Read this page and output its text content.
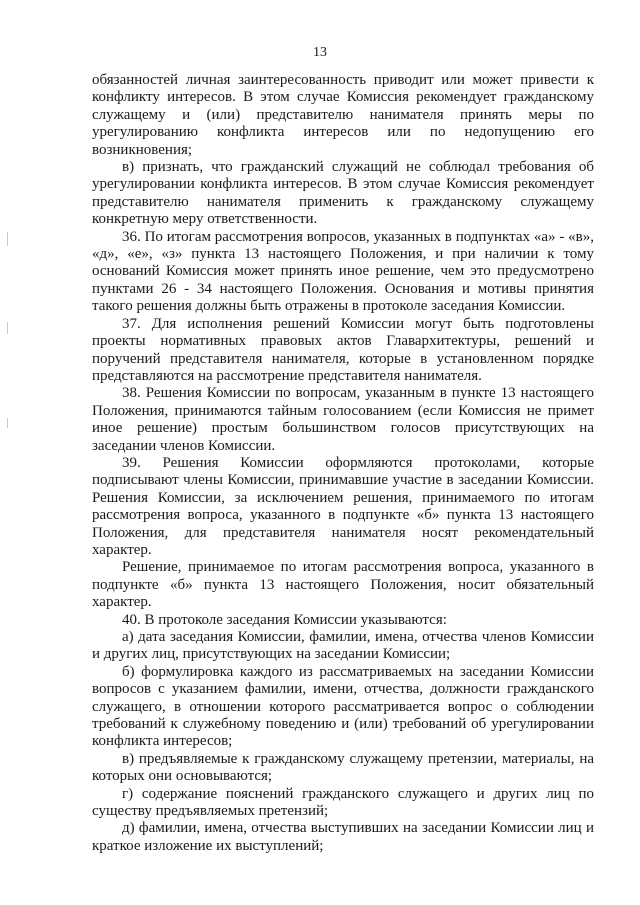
13

обязанностей личная заинтересованность приводит или может привести к конфликту интересов. В этом случае Комиссия рекомендует гражданскому служащему и (или) представителю нанимателя принять меры по урегулированию конфликта интересов или по недопущению его возникновения;

в) признать, что гражданский служащий не соблюдал требования об урегулировании конфликта интересов. В этом случае Комиссия рекомендует представителю нанимателя применить к гражданскому служащему конкретную меру ответственности.

36. По итогам рассмотрения вопросов, указанных в подпунктах «а» - «в», «д», «е», «з» пункта 13 настоящего Положения, и при наличии к тому оснований Комиссия может принять иное решение, чем это предусмотрено пунктами 26 - 34 настоящего Положения. Основания и мотивы принятия такого решения должны быть отражены в протоколе заседания Комиссии.

37. Для исполнения решений Комиссии могут быть подготовлены проекты нормативных правовых актов Главархитектуры, решений и поручений представителя нанимателя, которые в установленном порядке представляются на рассмотрение представителя нанимателя.

38. Решения Комиссии по вопросам, указанным в пункте 13 настоящего Положения, принимаются тайным голосованием (если Комиссия не примет иное решение) простым большинством голосов присутствующих на заседании членов Комиссии.

39. Решения Комиссии оформляются протоколами, которые подписывают члены Комиссии, принимавшие участие в заседании Комиссии. Решения Комиссии, за исключением решения, принимаемого по итогам рассмотрения вопроса, указанного в подпункте «б» пункта 13 настоящего Положения, для представителя нанимателя носят рекомендательный характер.

Решение, принимаемое по итогам рассмотрения вопроса, указанного в подпункте «б» пункта 13 настоящего Положения, носит обязательный характер.

40. В протоколе заседания Комиссии указываются:

а) дата заседания Комиссии, фамилии, имена, отчества членов Комиссии и других лиц, присутствующих на заседании Комиссии;

б) формулировка каждого из рассматриваемых на заседании Комиссии вопросов с указанием фамилии, имени, отчества, должности гражданского служащего, в отношении которого рассматривается вопрос о соблюдении требований к служебному поведению и (или) требований об урегулировании конфликта интересов;

в) предъявляемые к гражданскому служащему претензии, материалы, на которых они основываются;

г) содержание пояснений гражданского служащего и других лиц по существу предъявляемых претензий;

д) фамилии, имена, отчества выступивших на заседании Комиссии лиц и краткое изложение их выступлений;
